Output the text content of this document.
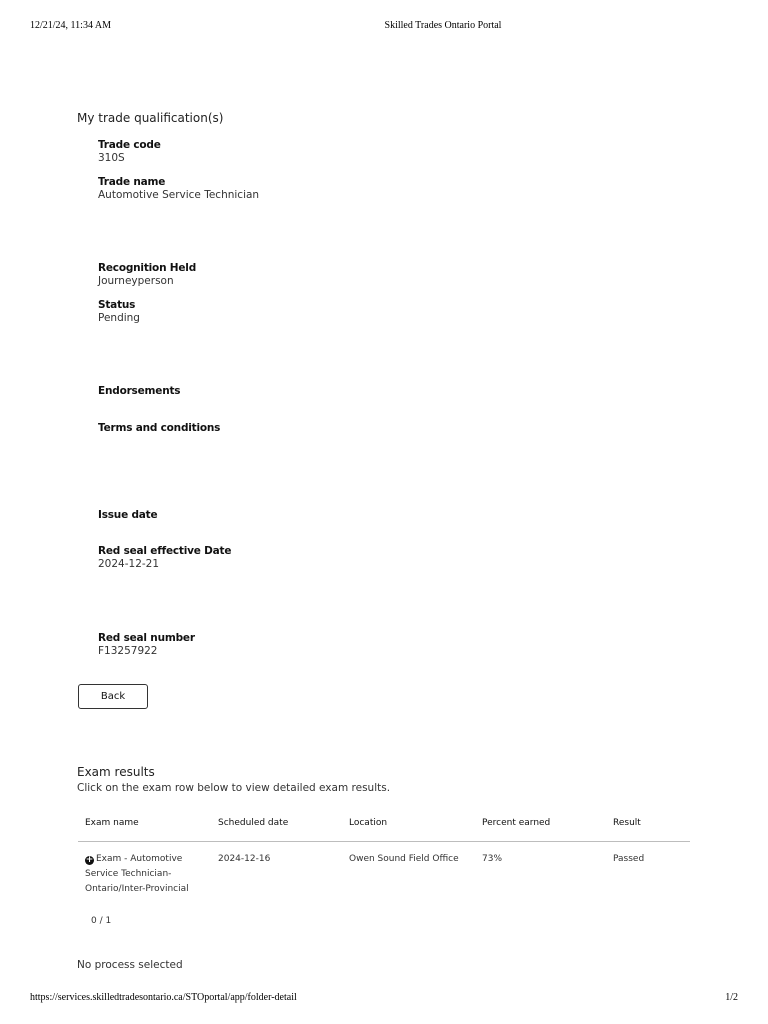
12/21/24, 11:34 AM	Skilled Trades Ontario Portal
My trade qualification(s)
Trade code
310S
Trade name
Automotive Service Technician
Recognition Held
Journeyperson
Status
Pending
Endorsements
Terms and conditions
Issue date
Red seal effective Date
2024-12-21
Red seal number
F13257922
Back
Exam results
Click on the exam row below to view detailed exam results.
Exam name	Scheduled date	Location	Percent earned	Result
+ Exam - Automotive
Service Technician-
Ontario/Inter-Provincial
2024-12-16	Owen Sound Field Office	73%	Passed
0 / 1
No process selected
https://services.skilledtradesontario.ca/STOportal/app/folder-detail	1/2
